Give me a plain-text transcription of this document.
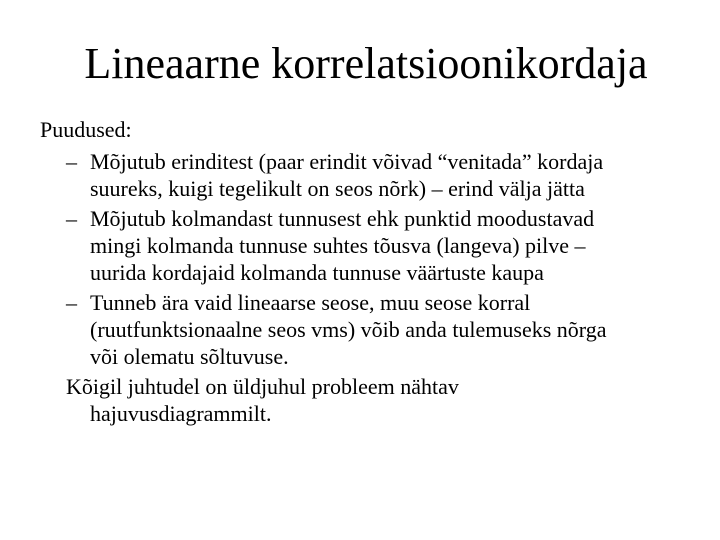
Lineaarne korrelatsioonikordaja
Puudused:
– Mõjutub erinditest (paar erindit võivad “venitada” kordaja
suureks, kuigi tegelikult on seos nõrk) – erind välja jätta
– Mõjutub kolmandast tunnusest ehk punktid moodustavad
mingi kolmanda tunnuse suhtes tõusva (langeva) pilve –
uurida kordajaid kolmanda tunnuse väärtuste kaupa
– Tunneb ära vaid lineaarse seose, muu seose korral
(ruutfunktsionaalne seos vms) võib anda tulemuseks nõrga
või olematu sõltuvuse.
Kõigil juhtudel on üldjuhul probleem nähtav
hajuvusdiagrammilt.
